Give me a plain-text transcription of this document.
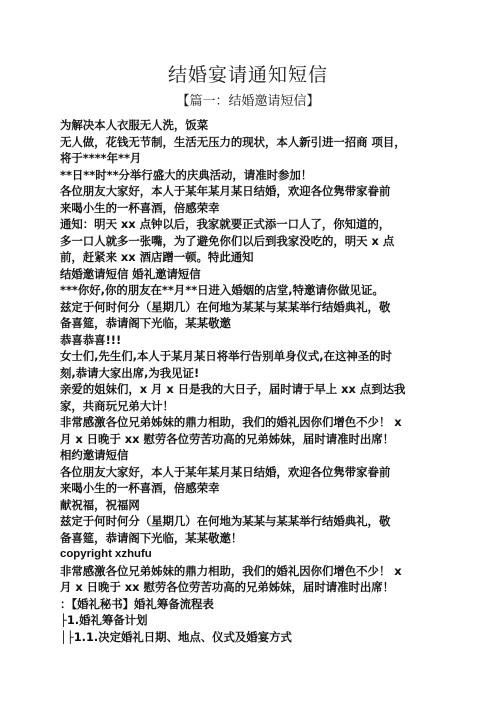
结婚宴请通知短信
【篇一：结婚邀请短信】
为解决本人衣服无人洗，饭菜
无人做，花钱无节制，生活无压力的现状，本人新引进一招商 项目，
将于****年**月
**日**时**分举行盛大的庆典活动，请准时参加！
各位朋友大家好，本人于某年某月某日结婚，欢迎各位隽带家眷前
来喝小生的一杯喜酒，倍感荣幸
通知：明天 xx 点钟以后，我家就要正式添一口人了，你知道的，
多一口人就多一张嘴，为了避免你们以后到我家没吃的，明天 x 点
前，赶紧来 xx 酒店蹭一顿。特此通知
结婚邀请短信 婚礼邀请短信
***你好,你的朋友在**月**日进入婚姻的店堂,特邀请你做见证。
兹定于何时何分（星期几）在何地为某某与某某举行结婚典礼，敬
备喜筵，恭请阁下光临，某某敬邀
恭喜恭喜!!!
女士们,先生们,本人于某月某日将举行告别单身仪式,在这神圣的时
刻,恭请大家出席,为我见证!
亲爱的姐妹们，x 月 x 日是我的大日子，届时请于早上 xx 点到达我
家，共商玩兄弟大计！
非常感激各位兄弟姊妹的鼎力相助，我们的婚礼因你们增色不少！ x
月 x 日晚于 xx 慰劳各位劳苦功高的兄弟姊妹，届时请准时出席！
相约邀请短信
各位朋友大家好，本人于某年某月某日结婚，欢迎各位隽带家眷前
来喝小生的一杯喜酒，倍感荣幸
献祝福，祝福网
兹定于何时何分（星期几）在何地为某某与某某举行结婚典礼，敬
备喜筵，恭请阁下光临，某某敬邀！
copyright xzhufu
非常感激各位兄弟姊妹的鼎力相助，我们的婚礼因你们增色不少！ x
月 x 日晚于 xx 慰劳各位劳苦功高的兄弟姊妹，届时请准时出席！
：【婚礼秘书】婚礼筹备流程表
├1.婚礼筹备计划
│├1.1.决定婚礼日期、地点、仪式及婚宴方式
